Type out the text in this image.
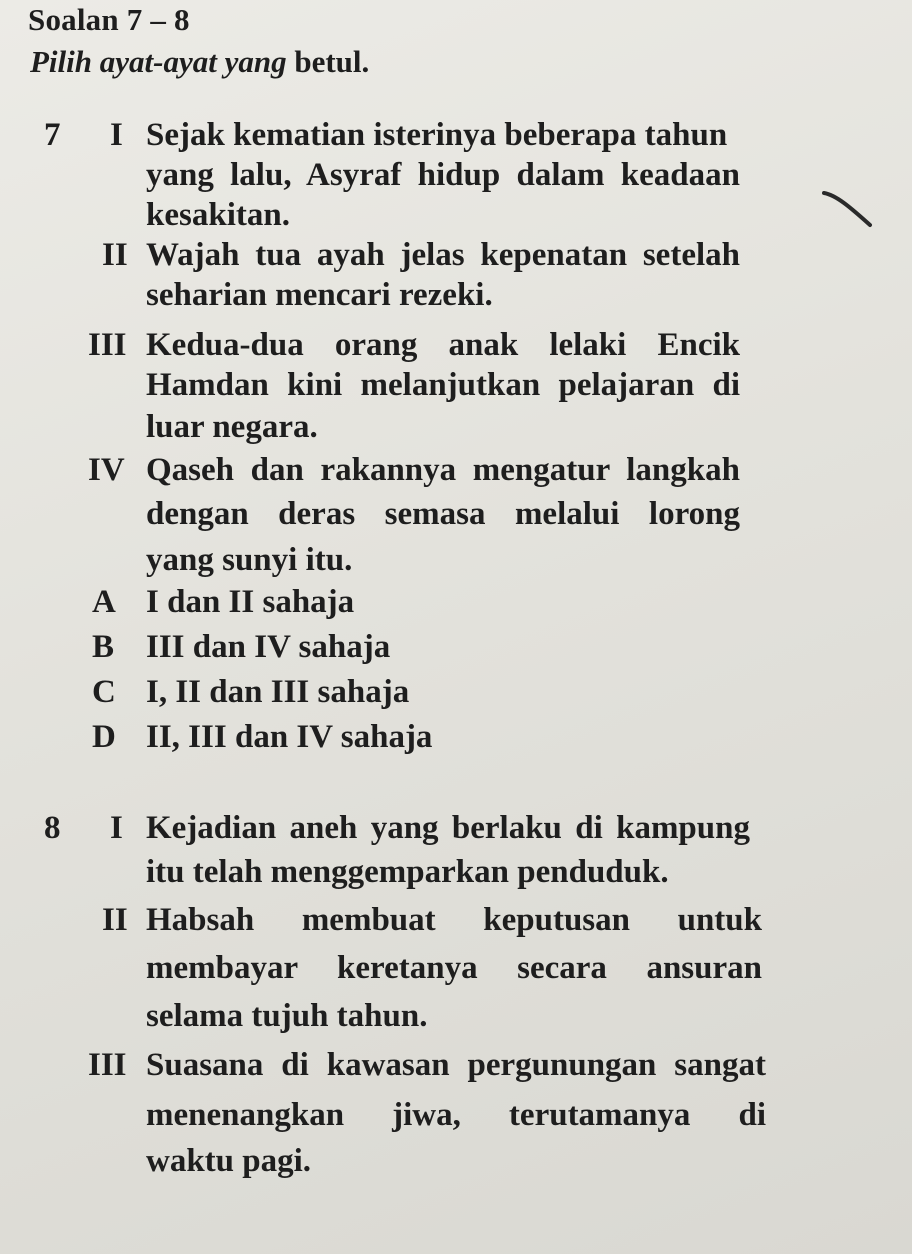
Soalan 7 – 8
Pilih ayat-ayat yang betul.
7 I Sejak kematian isterinya beberapa tahun
yang lalu, Asyraf hidup dalam keadaan
kesakitan.
II Wajah tua ayah jelas kepenatan setelah
seharian mencari rezeki.
III Kedua-dua orang anak lelaki Encik
Hamdan kini melanjutkan pelajaran di
luar negara.
IV Qaseh dan rakannya mengatur langkah
dengan deras semasa melalui lorong
yang sunyi itu.
A I dan II sahaja
B III dan IV sahaja
C I, II dan III sahaja
D II, III dan IV sahaja
8 I Kejadian aneh yang berlaku di kampung
itu telah menggemparkan penduduk.
II Habsah membuat keputusan untuk
membayar keretanya secara ansuran
selama tujuh tahun.
III Suasana di kawasan pergunungan sangat
menenangkan jiwa, terutamanya di
waktu pagi.
